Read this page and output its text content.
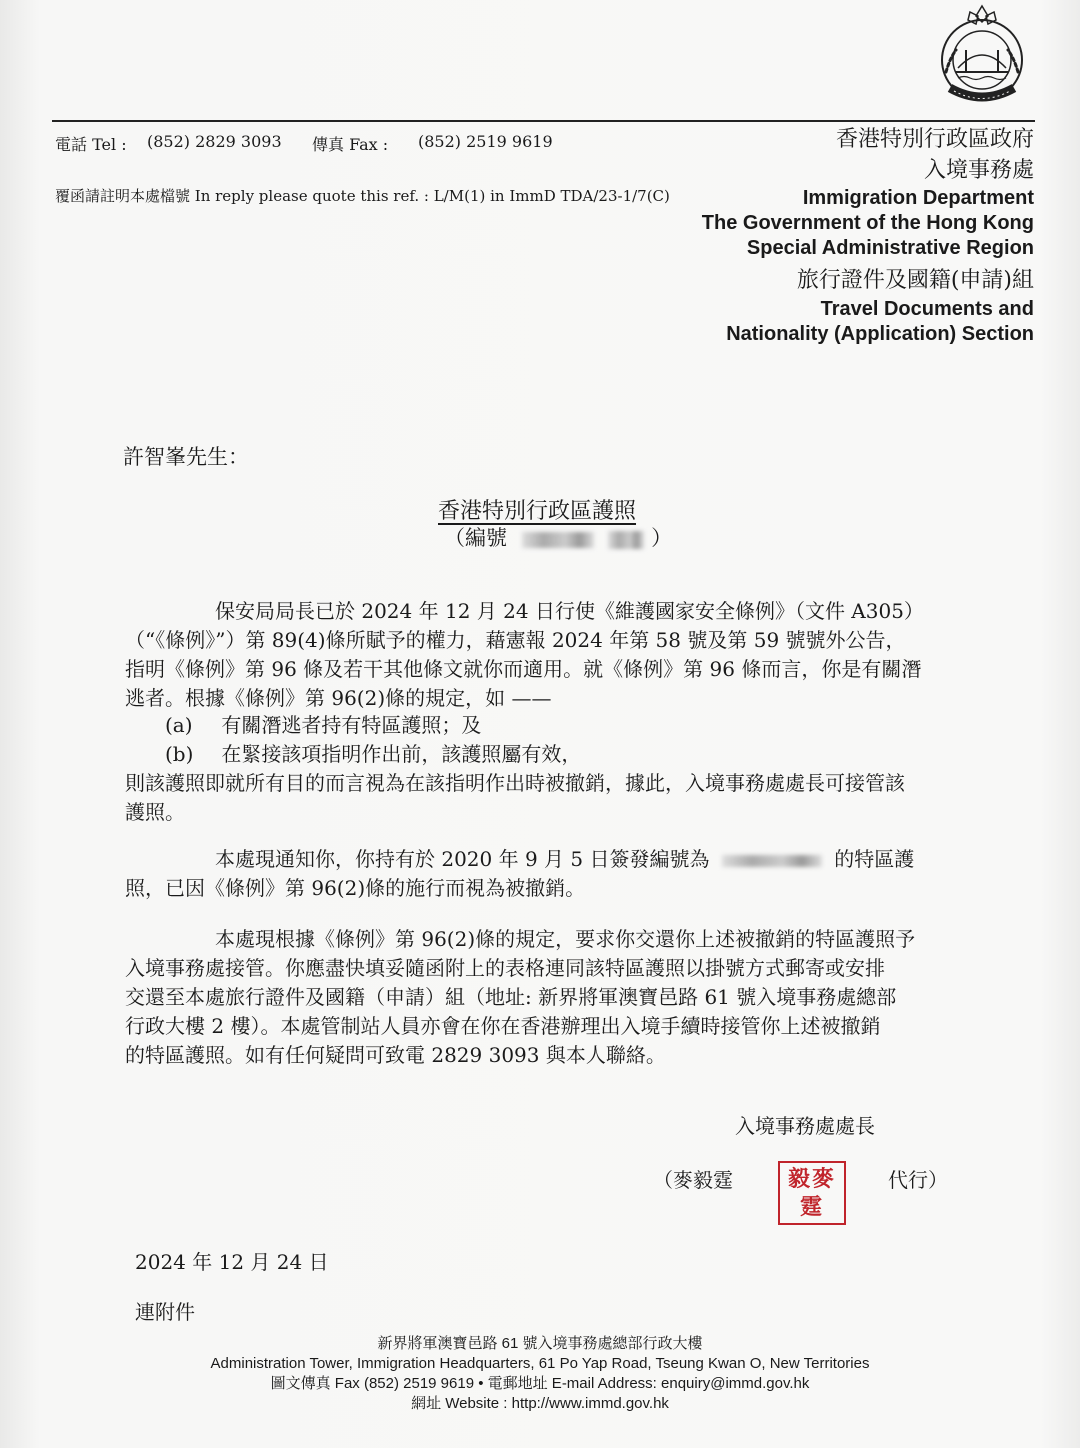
電話 Tel : (852) 2829 3093 傳真 Fax : (852) 2519 9619
覆函請註明本處檔號 In reply please quote this ref. : L/M(1) in ImmD TDA/23-1/7(C)
香港特別行政區政府
入境事務處
Immigration Department
The Government of the Hong Kong
Special Administrative Region
旅行證件及國籍(申請)組
Travel Documents and
Nationality (Application) Section
許智峯先生：
香港特別行政區護照
（編號	）
保安局局長已於 2024 年 12 月 24 日行使《維護國家安全條例》（文件 A305）
（“《條例》”）第 89(4)條所賦予的權力，藉憲報 2024 年第 58 號及第 59 號號外公告，
指明《條例》第 96 條及若干其他條文就你而適用。就《條例》第 96 條而言，你是有關潛
逃者。根據《條例》第 96(2)條的規定，如 ——
(a) 有關潛逃者持有特區護照；及
(b) 在緊接該項指明作出前，該護照屬有效，
則該護照即就所有目的而言視為在該指明作出時被撤銷，據此，入境事務處處長可接管該
護照。
本處現通知你，你持有於 2020 年 9 月 5 日簽發編號為	的特區護
照，已因《條例》第 96(2)條的施行而視為被撤銷。
本處現根據《條例》第 96(2)條的規定，要求你交還你上述被撤銷的特區護照予
入境事務處接管。你應盡快填妥隨函附上的表格連同該特區護照以掛號方式郵寄或安排
交還至本處旅行證件及國籍（申請）組（地址: 新界將軍澳寶邑路 61 號入境事務處總部
行政大樓 2 樓）。本處管制站人員亦會在你在香港辦理出入境手續時接管你上述被撤銷
的特區護照。如有任何疑問可致電 2829 3093 與本人聯絡。
入境事務處處長
（麥毅霆	毅麥
霆
代行）
2024 年 12 月 24 日
連附件
新界將軍澳寶邑路 61 號入境事務處總部行政大樓
Administration Tower, Immigration Headquarters, 61 Po Yap Road, Tseung Kwan O, New Territories
圖文傳真 Fax (852) 2519 9619 • 電郵地址 E-mail Address: enquiry@immd.gov.hk
網址 Website : http://www.immd.gov.hk
